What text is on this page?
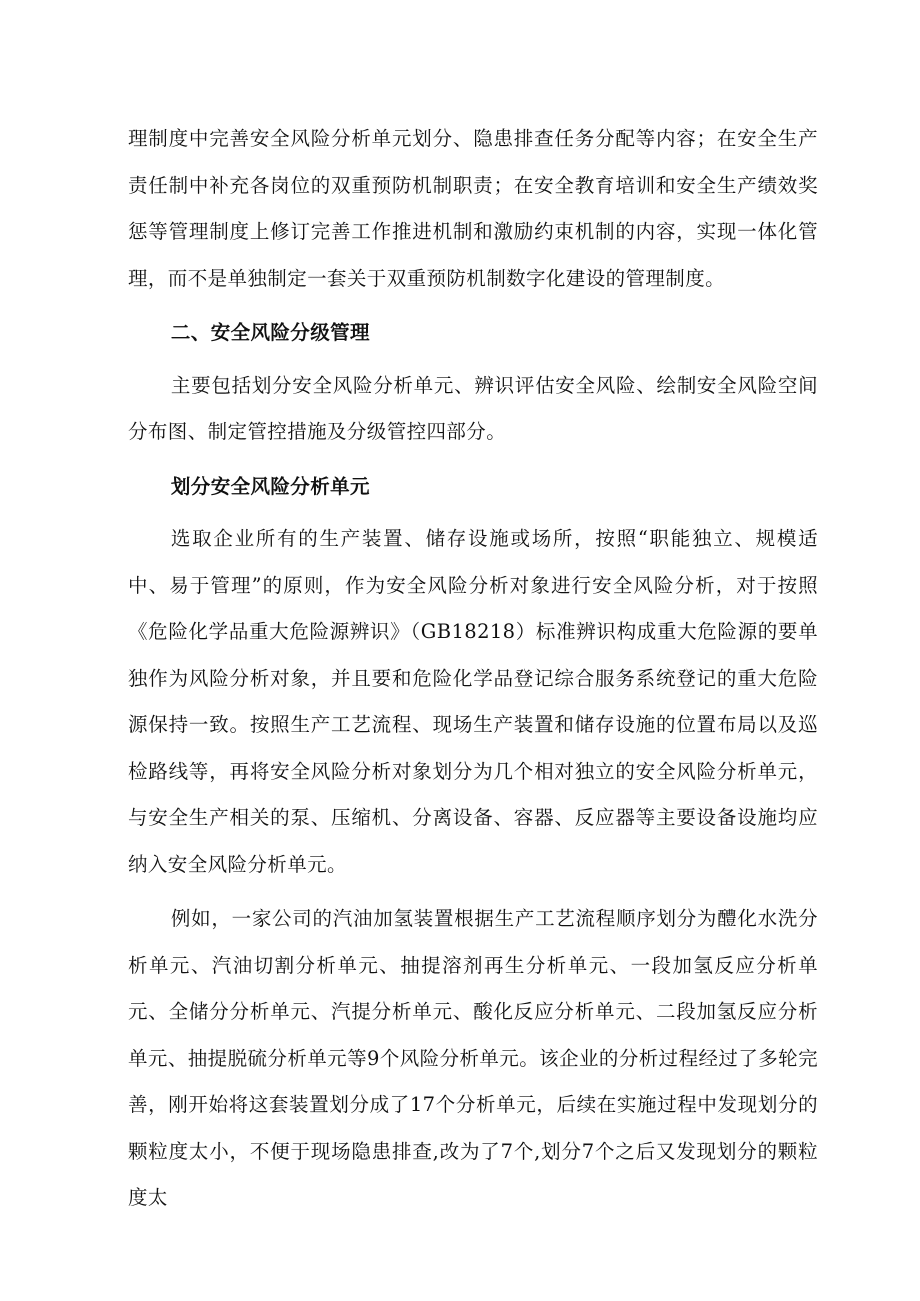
理制度中完善安全风险分析单元划分、隐患排查任务分配等内容；在安全生产责任制中补充各岗位的双重预防机制职责；在安全教育培训和安全生产绩效奖惩等管理制度上修订完善工作推进机制和激励约束机制的内容，实现一体化管理，而不是单独制定一套关于双重预防机制数字化建设的管理制度。

二、安全风险分级管理

主要包括划分安全风险分析单元、辨识评估安全风险、绘制安全风险空间分布图、制定管控措施及分级管控四部分。

划分安全风险分析单元

选取企业所有的生产装置、储存设施或场所，按照“职能独立、规模适中、易于管理”的原则，作为安全风险分析对象进行安全风险分析，对于按照《危险化学品重大危险源辨识》（GB18218）标准辨识构成重大危险源的要单独作为风险分析对象，并且要和危险化学品登记综合服务系统登记的重大危险源保持一致。按照生产工艺流程、现场生产装置和储存设施的位置布局以及巡检路线等，再将安全风险分析对象划分为几个相对独立的安全风险分析单元，与安全生产相关的泵、压缩机、分离设备、容器、反应器等主要设备设施均应纳入安全风险分析单元。

例如，一家公司的汽油加氢装置根据生产工艺流程顺序划分为醴化水洗分析单元、汽油切割分析单元、抽提溶剂再生分析单元、一段加氢反应分析单元、全储分分析单元、汽提分析单元、酸化反应分析单元、二段加氢反应分析单元、抽提脱硫分析单元等9个风险分析单元。该企业的分析过程经过了多轮完善，刚开始将这套装置划分成了17个分析单元，后续在实施过程中发现划分的颗粒度太小，不便于现场隐患排查,改为了7个,划分7个之后又发现划分的颗粒度太
